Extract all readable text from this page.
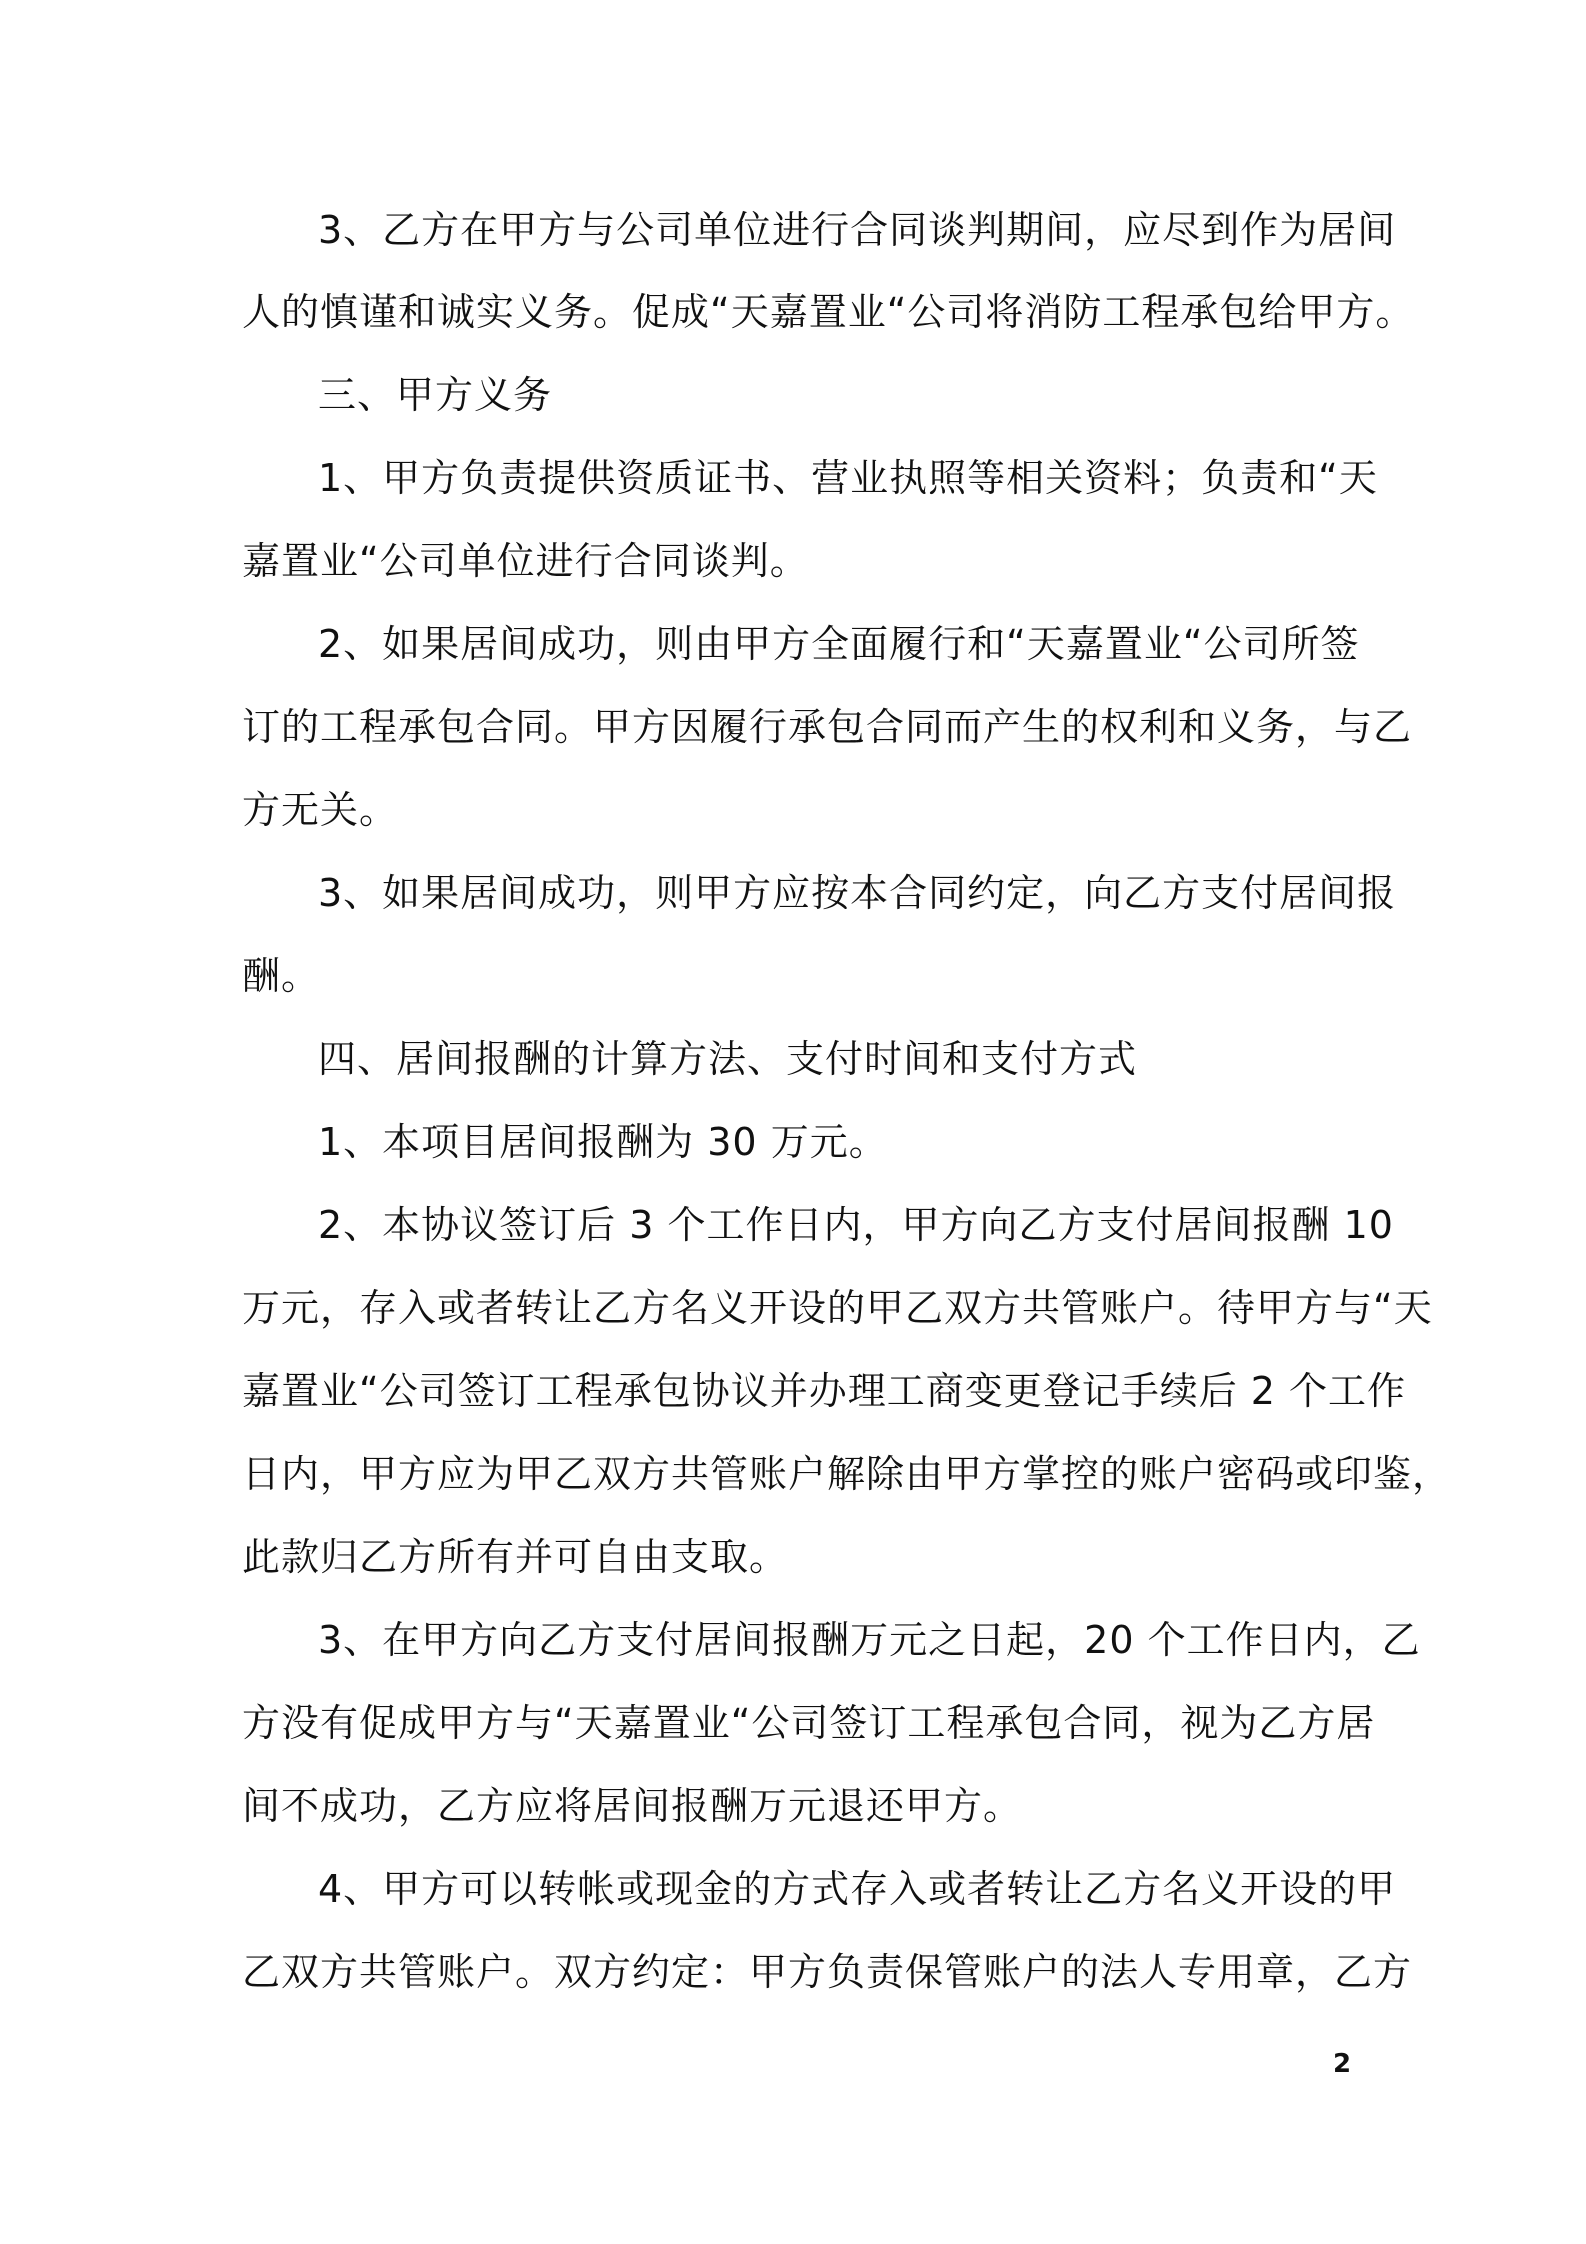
3、乙方在甲方与公司单位进行合同谈判期间，应尽到作为居间
人的慎谨和诚实义务。促成“天嘉置业“公司将消防工程承包给甲方。
三、甲方义务
1、甲方负责提供资质证书、营业执照等相关资料；负责和“天
嘉置业“公司单位进行合同谈判。
2、如果居间成功，则由甲方全面履行和“天嘉置业“公司所签
订的工程承包合同。甲方因履行承包合同而产生的权利和义务，与乙
方无关。
3、如果居间成功，则甲方应按本合同约定，向乙方支付居间报
酬。
四、居间报酬的计算方法、支付时间和支付方式
1、本项目居间报酬为 30 万元。
2、本协议签订后 3 个工作日内，甲方向乙方支付居间报酬 10
万元，存入或者转让乙方名义开设的甲乙双方共管账户。待甲方与“天
嘉置业“公司签订工程承包协议并办理工商变更登记手续后 2 个工作
日内，甲方应为甲乙双方共管账户解除由甲方掌控的账户密码或印鉴，
此款归乙方所有并可自由支取。
3、在甲方向乙方支付居间报酬万元之日起，20 个工作日内，乙
方没有促成甲方与“天嘉置业“公司签订工程承包合同，视为乙方居
间不成功，乙方应将居间报酬万元退还甲方。
4、甲方可以转帐或现金的方式存入或者转让乙方名义开设的甲
乙双方共管账户。双方约定：甲方负责保管账户的法人专用章，乙方
2
